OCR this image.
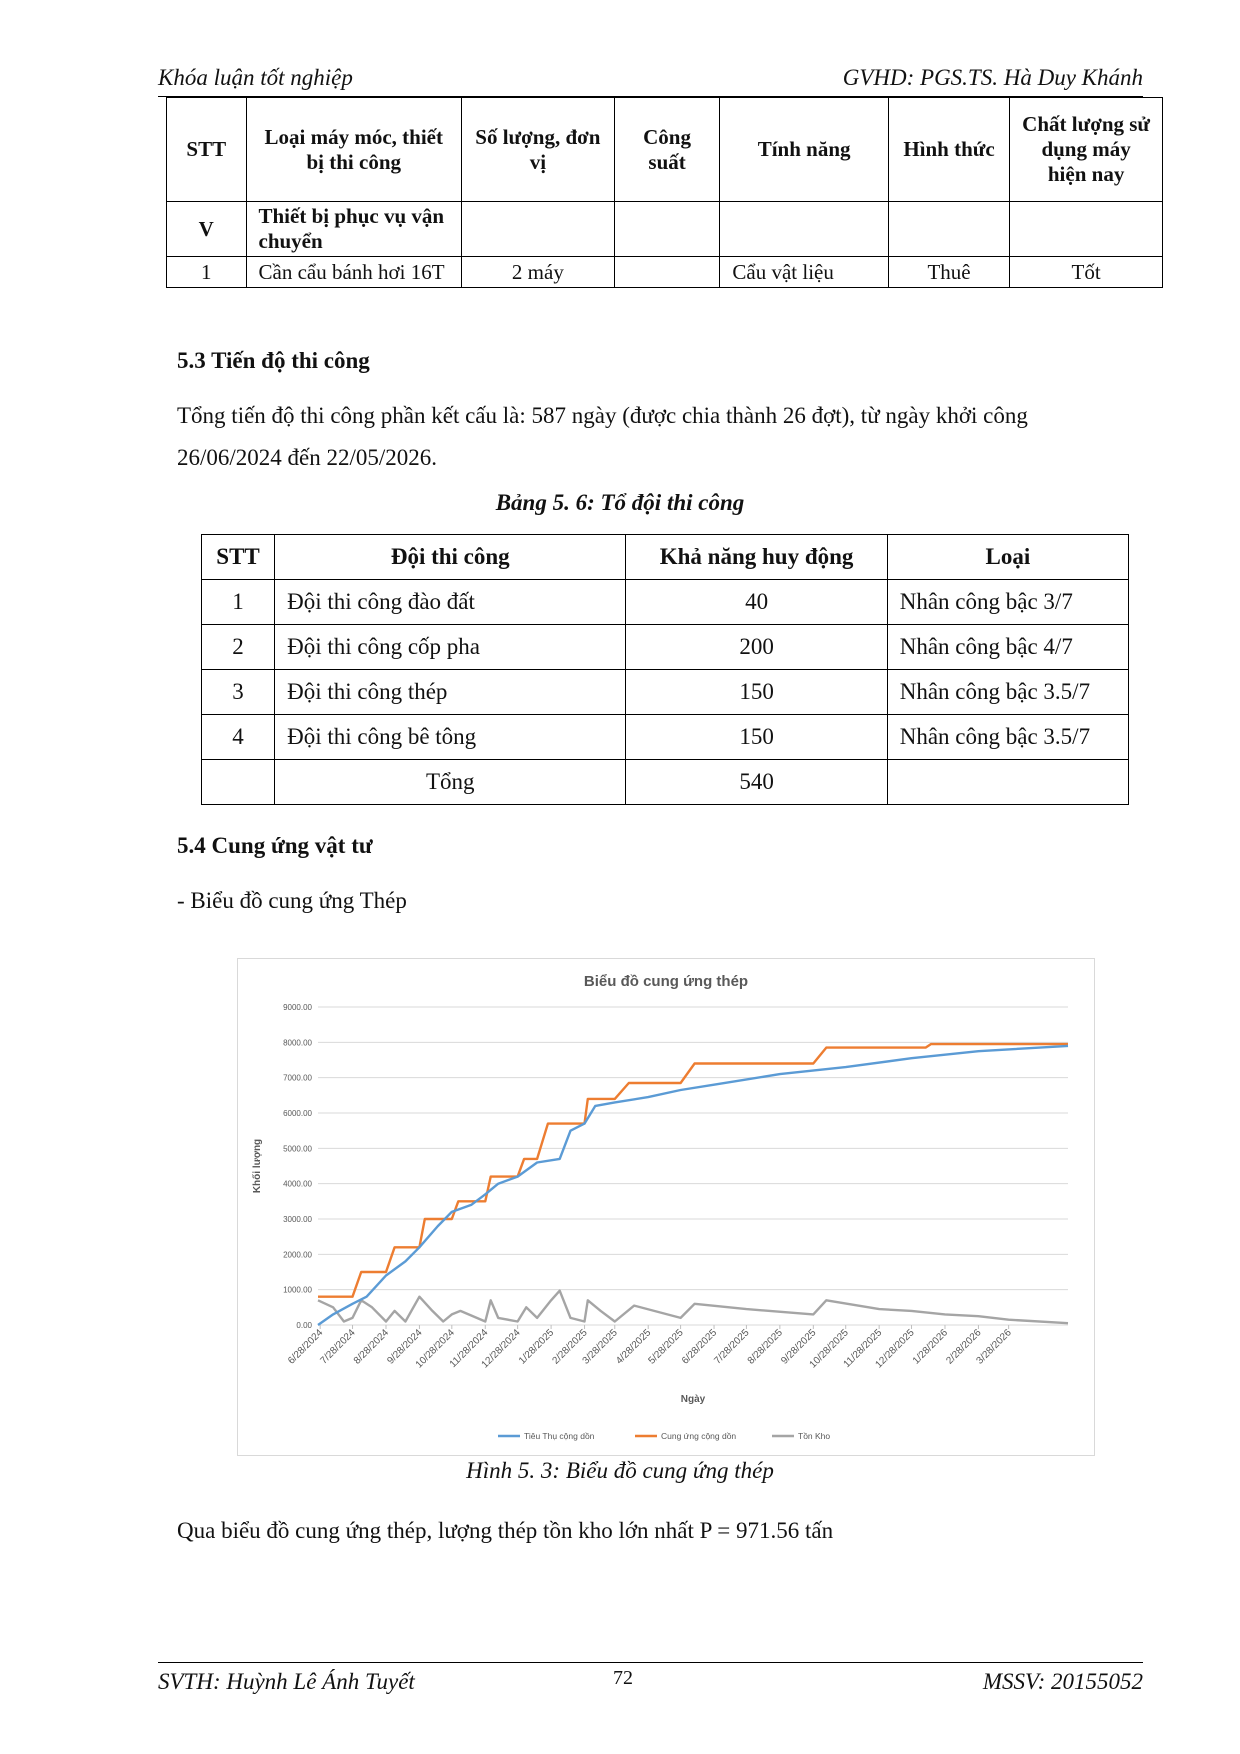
Khóa luận tốt nghiệp	GVHD: PGS.TS. Hà Duy Khánh
STT	Loại máy móc, thiết bị thi công	Số lượng, đơn vị	Công suất	Tính năng	Hình thức	Chất lượng sử dụng máy hiện nay
V	Thiết bị phục vụ vận chuyển					
1	Cần cẩu bánh hơi 16T	2 máy		Cẩu vật liệu	Thuê	Tốt
5.3 Tiến độ thi công
Tổng tiến độ thi công phần kết cấu là: 587 ngày (được chia thành 26 đợt), từ ngày khởi công 26/06/2024 đến 22/05/2026.
Bảng 5. 6: Tổ đội thi công
STT	Đội thi công	Khả năng huy động	Loại
1	Đội thi công đào đất	40	Nhân công bậc 3/7
2	Đội thi công cốp pha	200	Nhân công bậc 4/7
3	Đội thi công thép	150	Nhân công bậc 3.5/7
4	Đội thi công bê tông	150	Nhân công bậc 3.5/7
	Tổng	540	
5.4 Cung ứng vật tư
- Biểu đồ cung ứng Thép
Biểu đồ cung ứng thép
0.00
1000.00
2000.00
3000.00
4000.00
5000.00
6000.00
7000.00
8000.00
9000.00
6/28/2024
7/28/2024
8/28/2024
9/28/2024
10/28/2024
11/28/2024
12/28/2024
1/28/2025
2/28/2025
3/28/2025
4/28/2025
5/28/2025
6/28/2025
7/28/2025
8/28/2025
9/28/2025
10/28/2025
11/28/2025
12/28/2025
1/28/2026
2/28/2026
3/28/2026
Khối lượng
Ngày
Tiêu Thụ cộng dồn	Cung ứng cộng dồn	Tồn Kho
Hình 5. 3: Biểu đồ cung ứng thép
Qua biểu đồ cung ứng thép, lượng thép tồn kho lớn nhất P = 971.56 tấn
SVTH: Huỳnh Lê Ánh Tuyết	72	MSSV: 20155052
